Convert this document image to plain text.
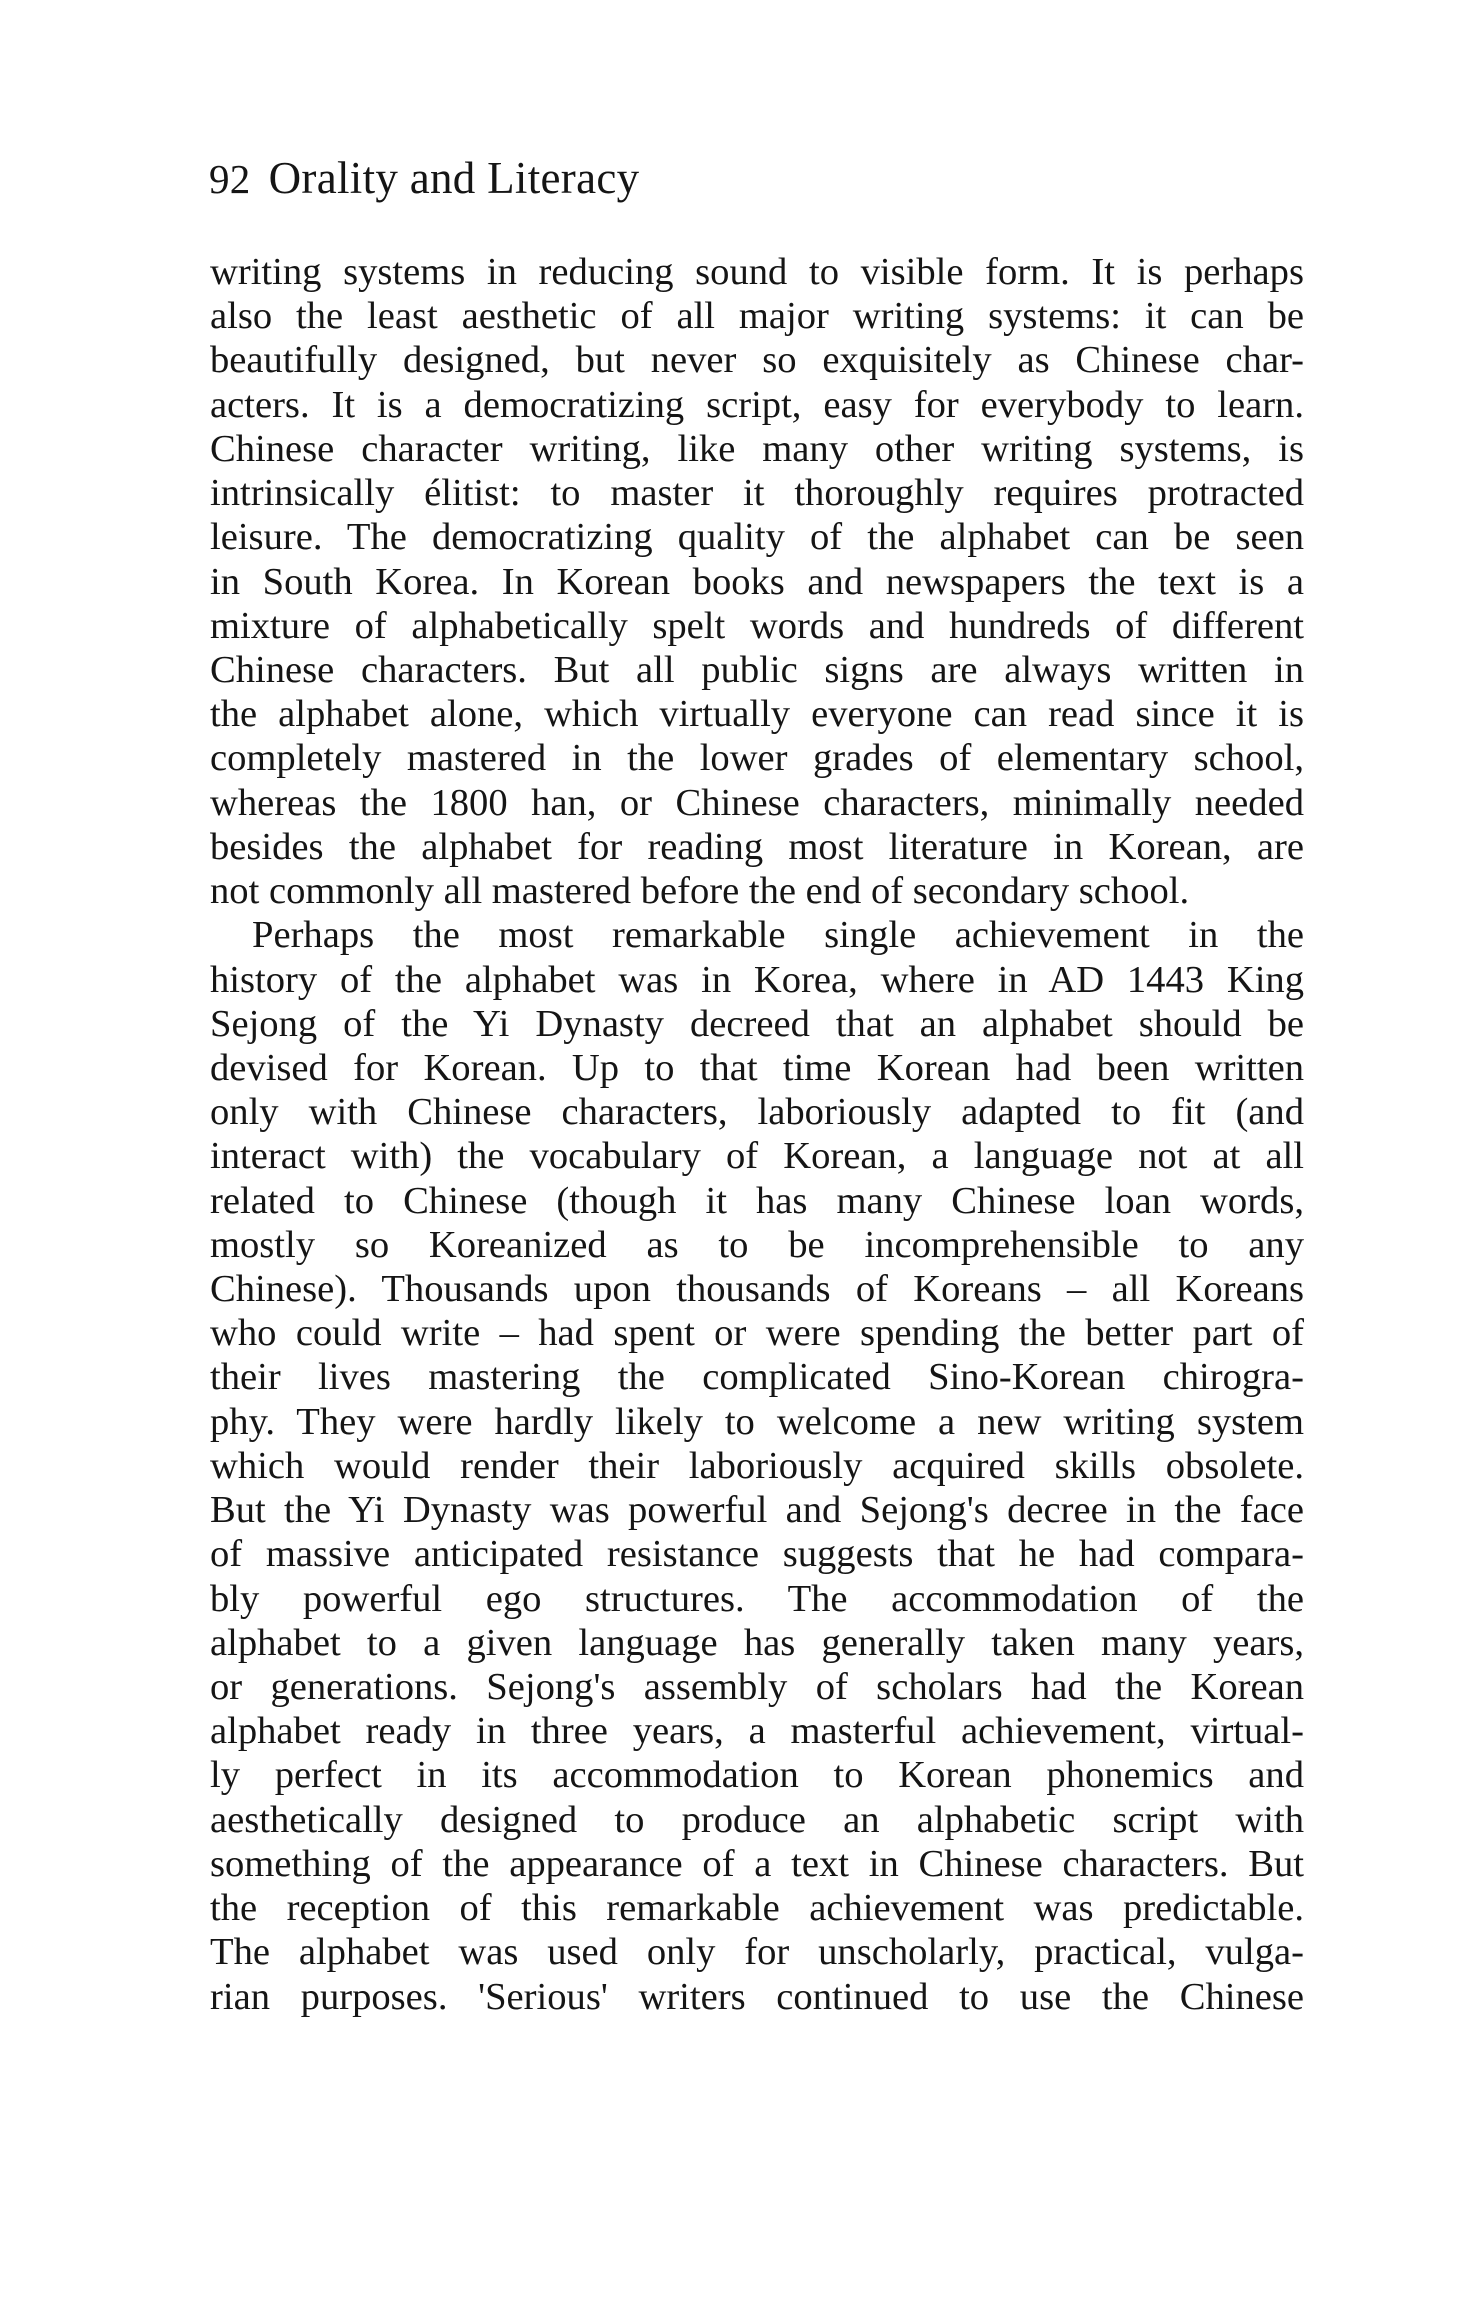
92 Orality and Literacy
writing systems in reducing sound to visible form. It is perhaps
also the least aesthetic of all major writing systems: it can be
beautifully designed, but never so exquisitely as Chinese char-
acters. It is a democratizing script, easy for everybody to learn.
Chinese character writing, like many other writing systems, is
intrinsically élitist: to master it thoroughly requires protracted
leisure. The democratizing quality of the alphabet can be seen
in South Korea. In Korean books and newspapers the text is a
mixture of alphabetically spelt words and hundreds of different
Chinese characters. But all public signs are always written in
the alphabet alone, which virtually everyone can read since it is
completely mastered in the lower grades of elementary school,
whereas the 1800 han, or Chinese characters, minimally needed
besides the alphabet for reading most literature in Korean, are
not commonly all mastered before the end of secondary school.
Perhaps the most remarkable single achievement in the
history of the alphabet was in Korea, where in AD 1443 King
Sejong of the Yi Dynasty decreed that an alphabet should be
devised for Korean. Up to that time Korean had been written
only with Chinese characters, laboriously adapted to fit (and
interact with) the vocabulary of Korean, a language not at all
related to Chinese (though it has many Chinese loan words,
mostly so Koreanized as to be incomprehensible to any
Chinese). Thousands upon thousands of Koreans – all Koreans
who could write – had spent or were spending the better part of
their lives mastering the complicated Sino-Korean chirogra-
phy. They were hardly likely to welcome a new writing system
which would render their laboriously acquired skills obsolete.
But the Yi Dynasty was powerful and Sejong's decree in the face
of massive anticipated resistance suggests that he had compara-
bly powerful ego structures. The accommodation of the
alphabet to a given language has generally taken many years,
or generations. Sejong's assembly of scholars had the Korean
alphabet ready in three years, a masterful achievement, virtual-
ly perfect in its accommodation to Korean phonemics and
aesthetically designed to produce an alphabetic script with
something of the appearance of a text in Chinese characters. But
the reception of this remarkable achievement was predictable.
The alphabet was used only for unscholarly, practical, vulga-
rian purposes. 'Serious' writers continued to use the Chinese
